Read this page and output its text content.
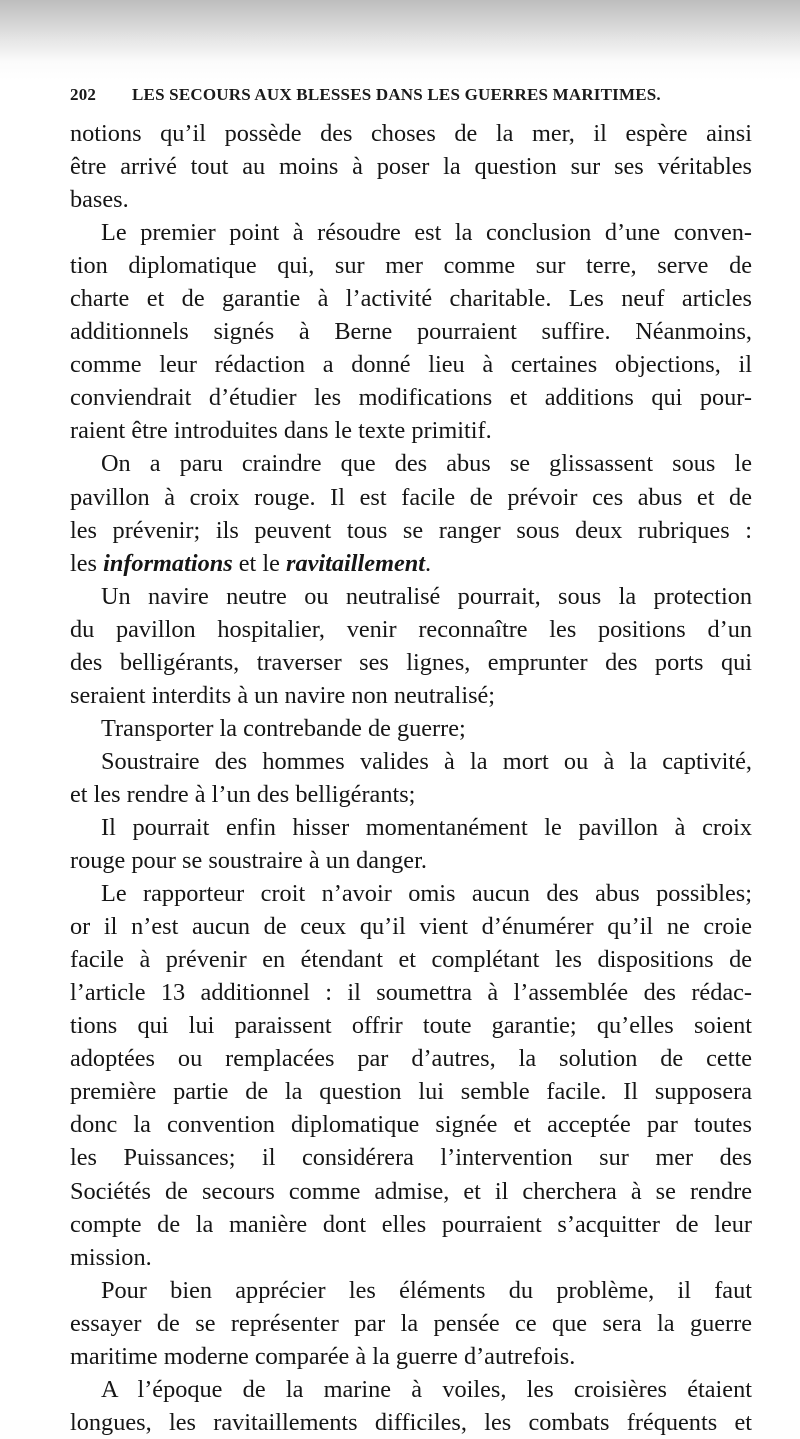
202	LES SECOURS AUX BLESSES DANS LES GUERRES MARITIMES.
notions qu’il possède des choses de la mer, il espère ainsi
être arrivé tout au moins à poser la question sur ses véritables
bases.
Le premier point à résoudre est la conclusion d’une conven-
tion diplomatique qui, sur mer comme sur terre, serve de
charte et de garantie à l’activité charitable. Les neuf articles
additionnels signés à Berne pourraient suffire. Néanmoins,
comme leur rédaction a donné lieu à certaines objections, il
conviendrait d’étudier les modifications et additions qui pour-
raient être introduites dans le texte primitif.
On a paru craindre que des abus se glissassent sous le
pavillon à croix rouge. Il est facile de prévoir ces abus et de
les prévenir; ils peuvent tous se ranger sous deux rubriques :
les informations et le ravitaillement.
Un navire neutre ou neutralisé pourrait, sous la protection
du pavillon hospitalier, venir reconnaître les positions d’un
des belligérants, traverser ses lignes, emprunter des ports qui
seraient interdits à un navire non neutralisé;
Transporter la contrebande de guerre;
Soustraire des hommes valides à la mort ou à la captivité,
et les rendre à l’un des belligérants;
Il pourrait enfin hisser momentanément le pavillon à croix
rouge pour se soustraire à un danger.
Le rapporteur croit n’avoir omis aucun des abus possibles;
or il n’est aucun de ceux qu’il vient d’énumérer qu’il ne croie
facile à prévenir en étendant et complétant les dispositions de
l’article 13 additionnel : il soumettra à l’assemblée des rédac-
tions qui lui paraissent offrir toute garantie; qu’elles soient
adoptées ou remplacées par d’autres, la solution de cette
première partie de la question lui semble facile. Il supposera
donc la convention diplomatique signée et acceptée par toutes
les Puissances; il considérera l’intervention sur mer des
Sociétés de secours comme admise, et il cherchera à se rendre
compte de la manière dont elles pourraient s’acquitter de leur
mission.
Pour bien apprécier les éléments du problème, il faut
essayer de se représenter par la pensée ce que sera la guerre
maritime moderne comparée à la guerre d’autrefois.
A l’époque de la marine à voiles, les croisières étaient
longues, les ravitaillements difficiles, les combats fréquents et
